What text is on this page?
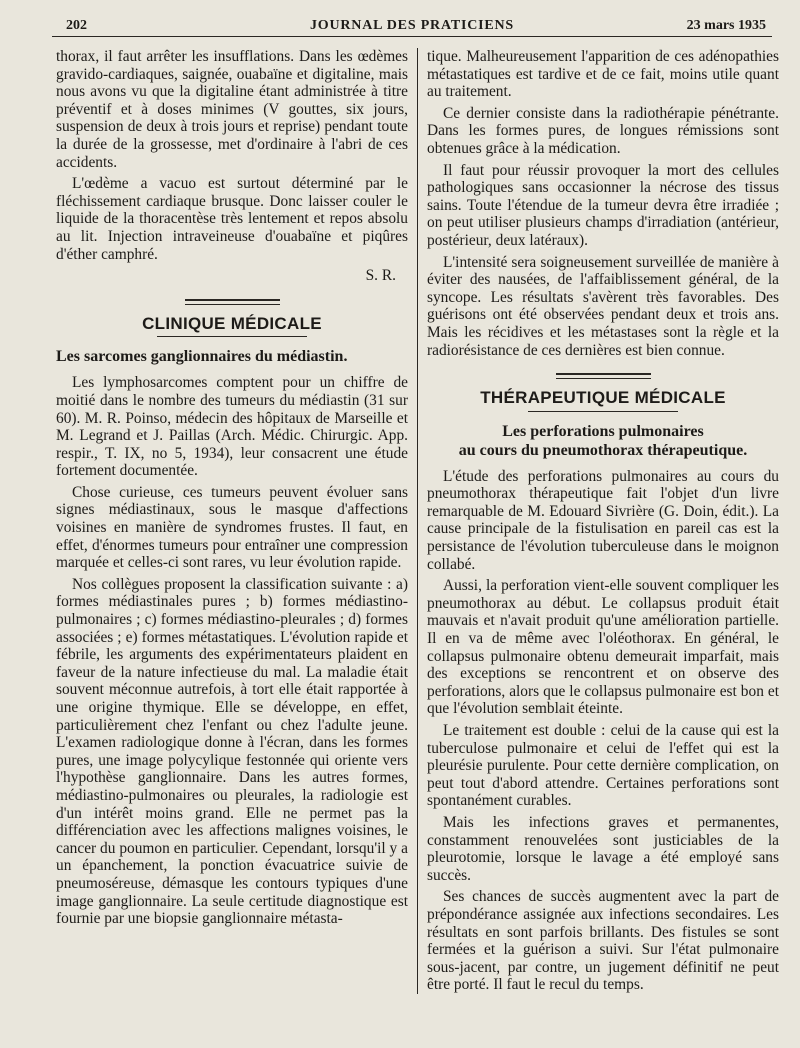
202	JOURNAL DES PRATICIENS	23 mars 1935

thorax, il faut arrêter les insufflations. Dans les œdèmes gravido-cardiaques, saignée, ouabaïne et digitaline, mais nous avons vu que la digitaline étant administrée à titre préventif et à doses minimes (V gouttes, six jours, suspension de deux à trois jours et reprise) pendant toute la durée de la grossesse, met d'ordinaire à l'abri de ces accidents.

L'œdème a vacuo est surtout déterminé par le fléchissement cardiaque brusque. Donc laisser couler le liquide de la thoracentèse très lentement et repos absolu au lit. Injection intraveineuse d'ouabaïne et piqûres d'éther camphré.

S. R.

CLINIQUE MÉDICALE
Les sarcomes ganglionnaires du médiastin.

Les lymphosarcomes comptent pour un chiffre de moitié dans le nombre des tumeurs du médiastin (31 sur 60). M. R. Poinso, médecin des hôpitaux de Marseille et M. Legrand et J. Paillas (Arch. Médic. Chirurgic. App. respir., T. IX, no 5, 1934), leur consacrent une étude fortement documentée.

Chose curieuse, ces tumeurs peuvent évoluer sans signes médiastinaux, sous le masque d'affections voisines en manière de syndromes frustes. Il faut, en effet, d'énormes tumeurs pour entraîner une compression marquée et celles-ci sont rares, vu leur évolution rapide.

Nos collègues proposent la classification suivante : a) formes médiastinales pures ; b) formes médiastino-pulmonaires ; c) formes médiastino-pleurales ; d) formes associées ; e) formes métastatiques. L'évolution rapide et fébrile, les arguments des expérimentateurs plaident en faveur de la nature infectieuse du mal. La maladie était souvent méconnue autrefois, à tort elle était rapportée à une origine thymique. Elle se développe, en effet, particulièrement chez l'enfant ou chez l'adulte jeune. L'examen radiologique donne à l'écran, dans les formes pures, une image polycylique festonnée qui oriente vers l'hypothèse ganglionnaire. Dans les autres formes, médiastino-pulmonaires ou pleurales, la radiologie est d'un intérêt moins grand. Elle ne permet pas la différenciation avec les affections malignes voisines, le cancer du poumon en particulier. Cependant, lorsqu'il y a un épanchement, la ponction évacuatrice suivie de pneumoséreuse, démasque les contours typiques d'une image ganglionnaire. La seule certitude diagnostique est fournie par une biopsie ganglionnaire métasta-

tique. Malheureusement l'apparition de ces adénopathies métastatiques est tardive et de ce fait, moins utile quant au traitement.

Ce dernier consiste dans la radiothérapie pénétrante. Dans les formes pures, de longues rémissions sont obtenues grâce à la médication.

Il faut pour réussir provoquer la mort des cellules pathologiques sans occasionner la nécrose des tissus sains. Toute l'étendue de la tumeur devra être irradiée ; on peut utiliser plusieurs champs d'irradiation (antérieur, postérieur, deux latéraux).

L'intensité sera soigneusement surveillée de manière à éviter des nausées, de l'affaiblissement général, de la syncope. Les résultats s'avèrent très favorables. Des guérisons ont été observées pendant deux et trois ans. Mais les récidives et les métastases sont la règle et la radiorésistance de ces dernières est bien connue.

THÉRAPEUTIQUE MÉDICALE
Les perforations pulmonaires
au cours du pneumothorax thérapeutique.

L'étude des perforations pulmonaires au cours du pneumothorax thérapeutique fait l'objet d'un livre remarquable de M. Edouard Sivrière (G. Doin, édit.). La cause principale de la fistulisation en pareil cas est la persistance de l'évolution tuberculeuse dans le moignon collabé.

Aussi, la perforation vient-elle souvent compliquer les pneumothorax au début. Le collapsus produit était mauvais et n'avait produit qu'une amélioration partielle. Il en va de même avec l'oléothorax. En général, le collapsus pulmonaire obtenu demeurait imparfait, mais des exceptions se rencontrent et on observe des perforations, alors que le collapsus pulmonaire est bon et que l'évolution semblait éteinte.

Le traitement est double : celui de la cause qui est la tuberculose pulmonaire et celui de l'effet qui est la pleurésie purulente. Pour cette dernière complication, on peut tout d'abord attendre. Certaines perforations sont spontanément curables.

Mais les infections graves et permanentes, constamment renouvelées sont justiciables de la pleurotomie, lorsque le lavage a été employé sans succès.

Ses chances de succès augmentent avec la part de prépondérance assignée aux infections secondaires. Les résultats en sont parfois brillants. Des fistules se sont fermées et la guérison a suivi. Sur l'état pulmonaire sous-jacent, par contre, un jugement définitif ne peut être porté. Il faut le recul du temps.
